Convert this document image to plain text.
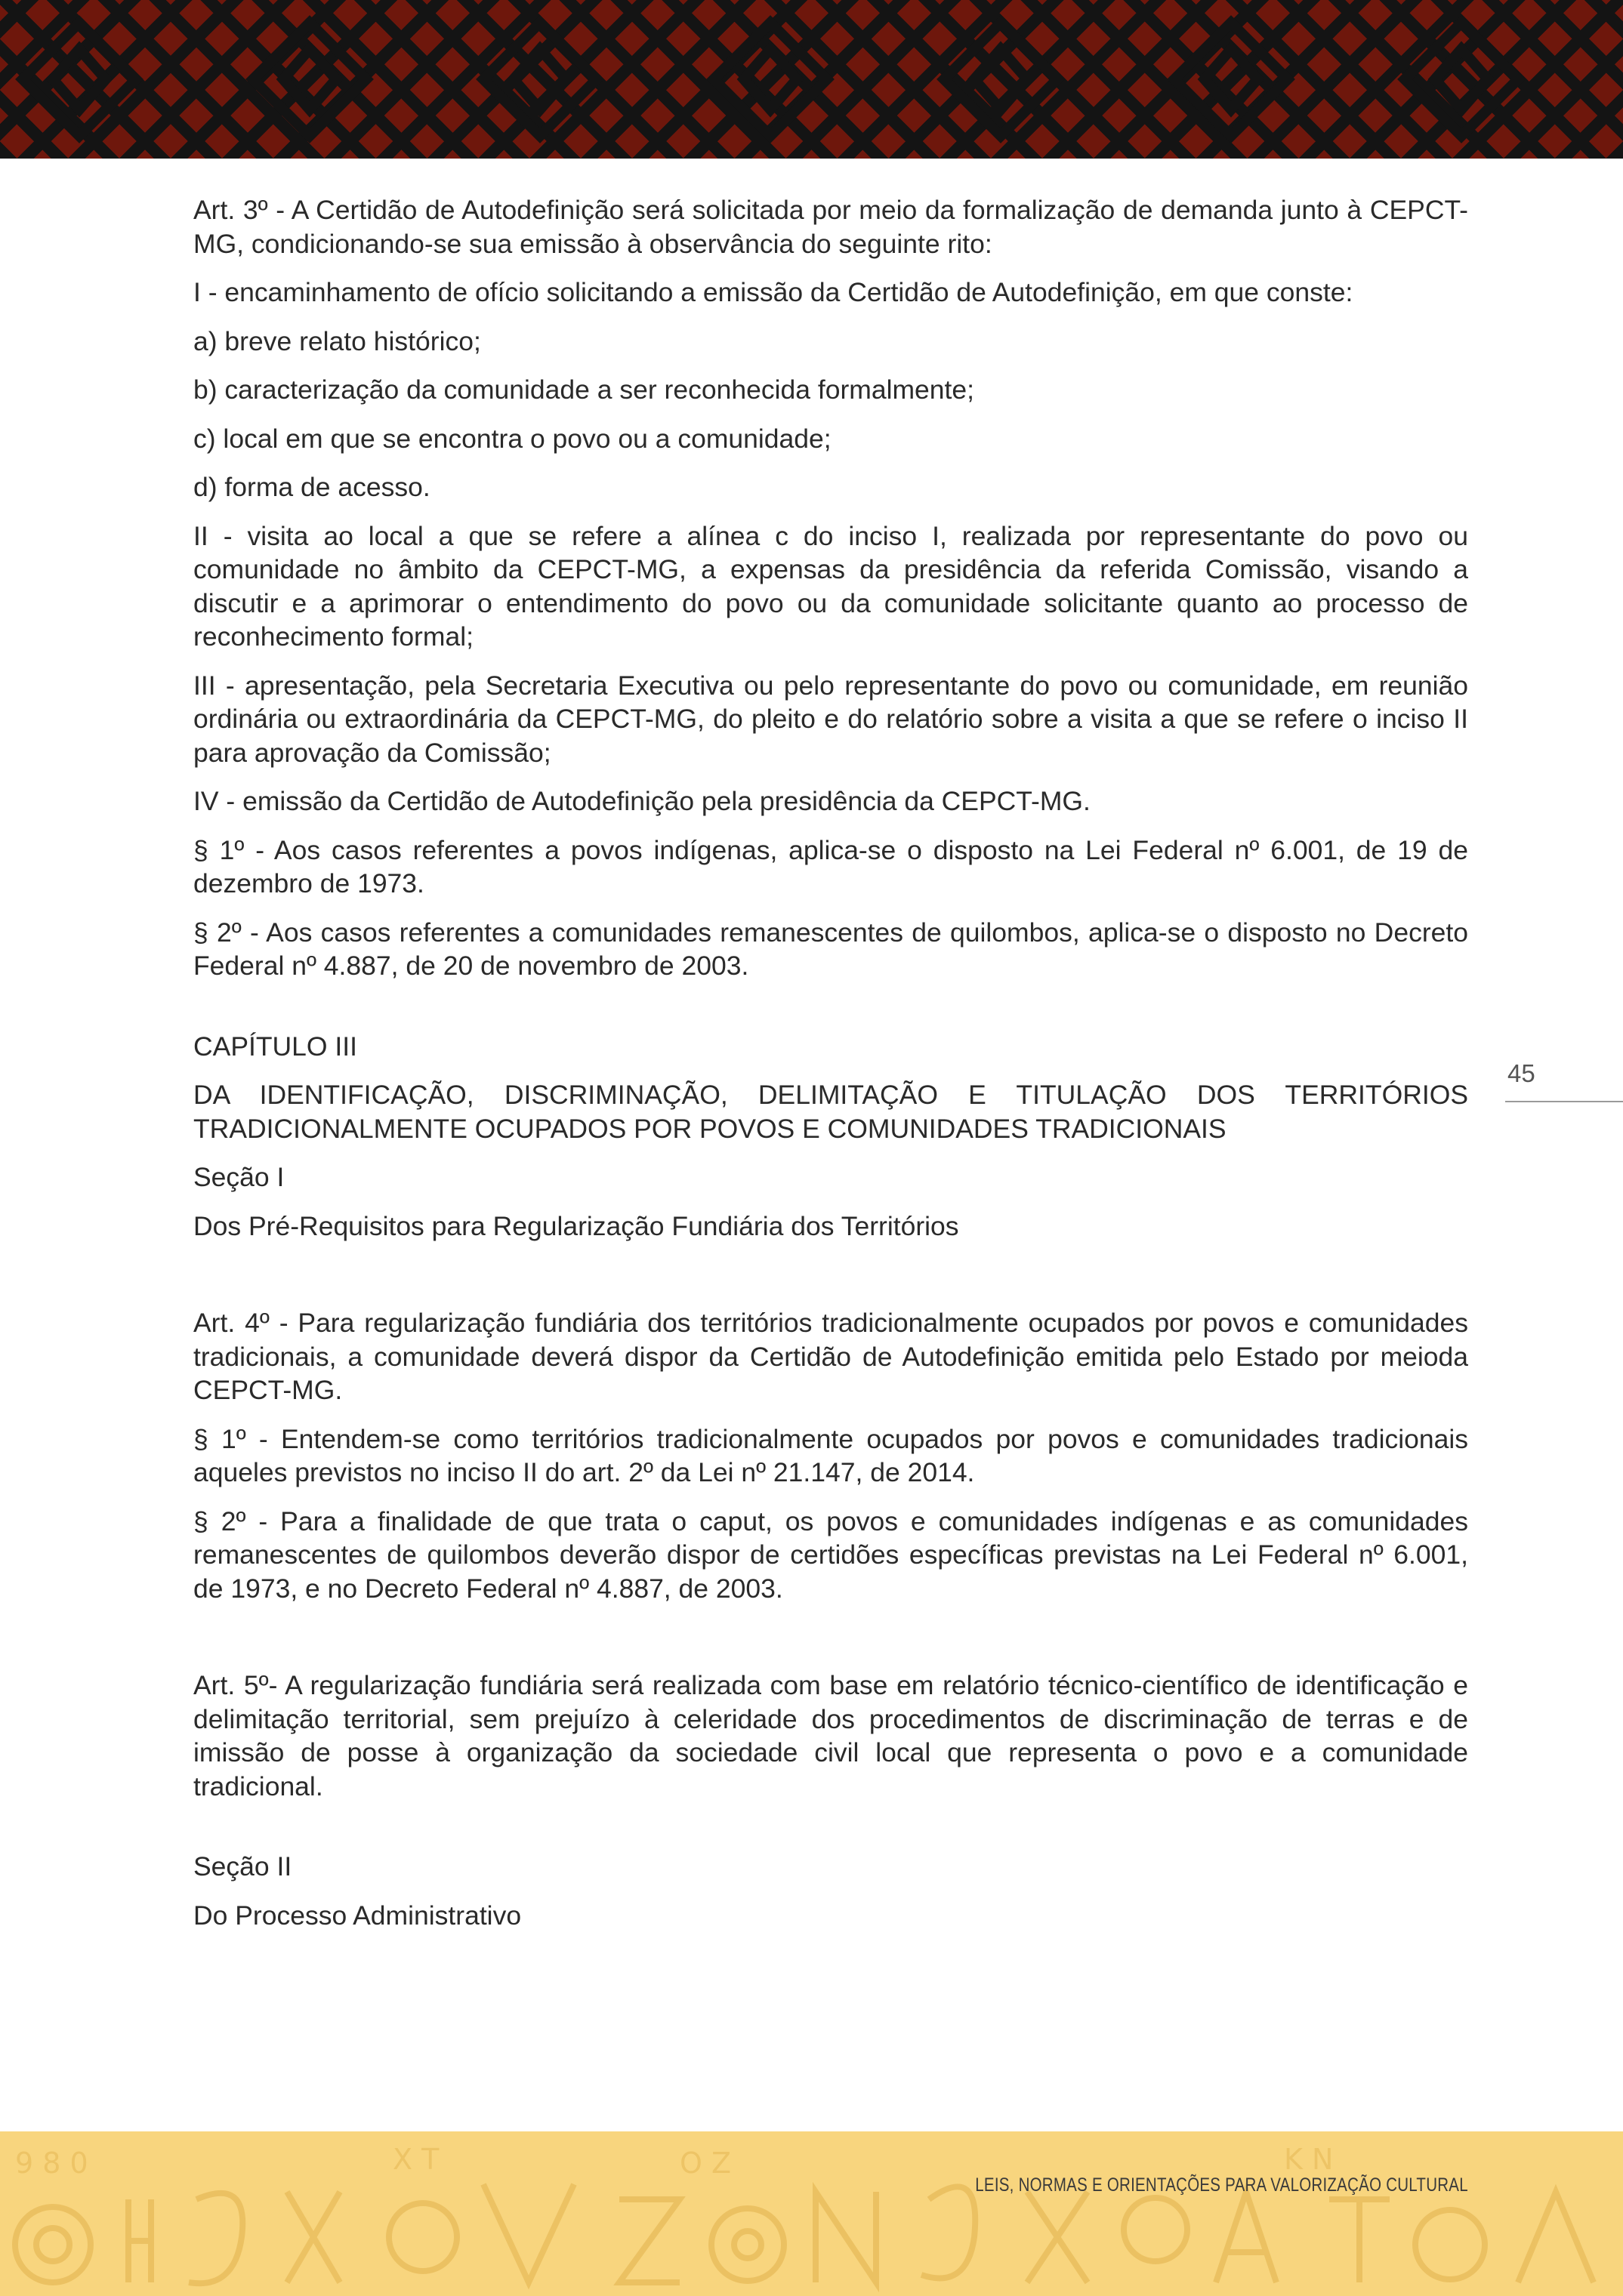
Art. 3º - A Certidão de Autodefinição será solicitada por meio da formalização de demanda junto à CEPCT-MG, condicionando-se sua emissão à observância do seguinte rito:

I - encaminhamento de ofício solicitando a emissão da Certidão de Autodefinição, em que conste:

a) breve relato histórico;

b) caracterização da comunidade a ser reconhecida formalmente;

c) local em que se encontra o povo ou a comunidade;

d) forma de acesso.

II - visita ao local a que se refere a alínea c do inciso I, realizada por representante do povo ou comunidade no âmbito da CEPCT-MG, a expensas da presidência da referida Comissão, visando a discutir e a aprimorar o entendimento do povo ou da comunidade solicitante quanto ao processo de reconhecimento formal;

III - apresentação, pela Secretaria Executiva ou pelo representante do povo ou comunidade, em reunião ordinária ou extraordinária da CEPCT-MG, do pleito e do relatório sobre a visita a que se refere o inciso II para aprovação da Comissão;

IV - emissão da Certidão de Autodefinição pela presidência da CEPCT-MG.

§ 1º - Aos casos referentes a povos indígenas, aplica-se o disposto na Lei Federal nº 6.001, de 19 de dezembro de 1973.

§ 2º - Aos casos referentes a comunidades remanescentes de quilombos, aplica-se o disposto no Decreto Federal nº 4.887, de 20 de novembro de 2003.

CAPÍTULO III

DA IDENTIFICAÇÃO, DISCRIMINAÇÃO, DELIMITAÇÃO E TITULAÇÃO DOS TERRITÓRIOS TRADICIONALMENTE OCUPADOS POR POVOS E COMUNIDADES TRADICIONAIS

Seção I

Dos Pré-Requisitos para Regularização Fundiária dos Territórios

Art. 4º - Para regularização fundiária dos territórios tradicionalmente ocupados por povos e comunidades tradicionais, a comunidade deverá dispor da Certidão de Autodefinição emitida pelo Estado por meioda CEPCT-MG.

§ 1º - Entendem-se como territórios tradicionalmente ocupados por povos e comunidades tradicionais aqueles previstos no inciso II do art. 2º da Lei nº 21.147, de 2014.

§ 2º - Para a finalidade de que trata o caput, os povos e comunidades indígenas e as comunidades remanescentes de quilombos deverão dispor de certidões específicas previstas na Lei Federal nº 6.001, de 1973, e no Decreto Federal nº 4.887, de 2003.

Art. 5º- A regularização fundiária será realizada com base em relatório técnico-científico de identificação e delimitação territorial, sem prejuízo à celeridade dos procedimentos de discriminação de terras e de imissão de posse à organização da sociedade civil local que representa o povo e a comunidade tradicional.

Seção II

Do Processo Administrativo

45
9 8 0	X T	O Z	K N
LEIS, NORMAS E ORIENTAÇÕES PARA VALORIZAÇÃO CULTURAL
